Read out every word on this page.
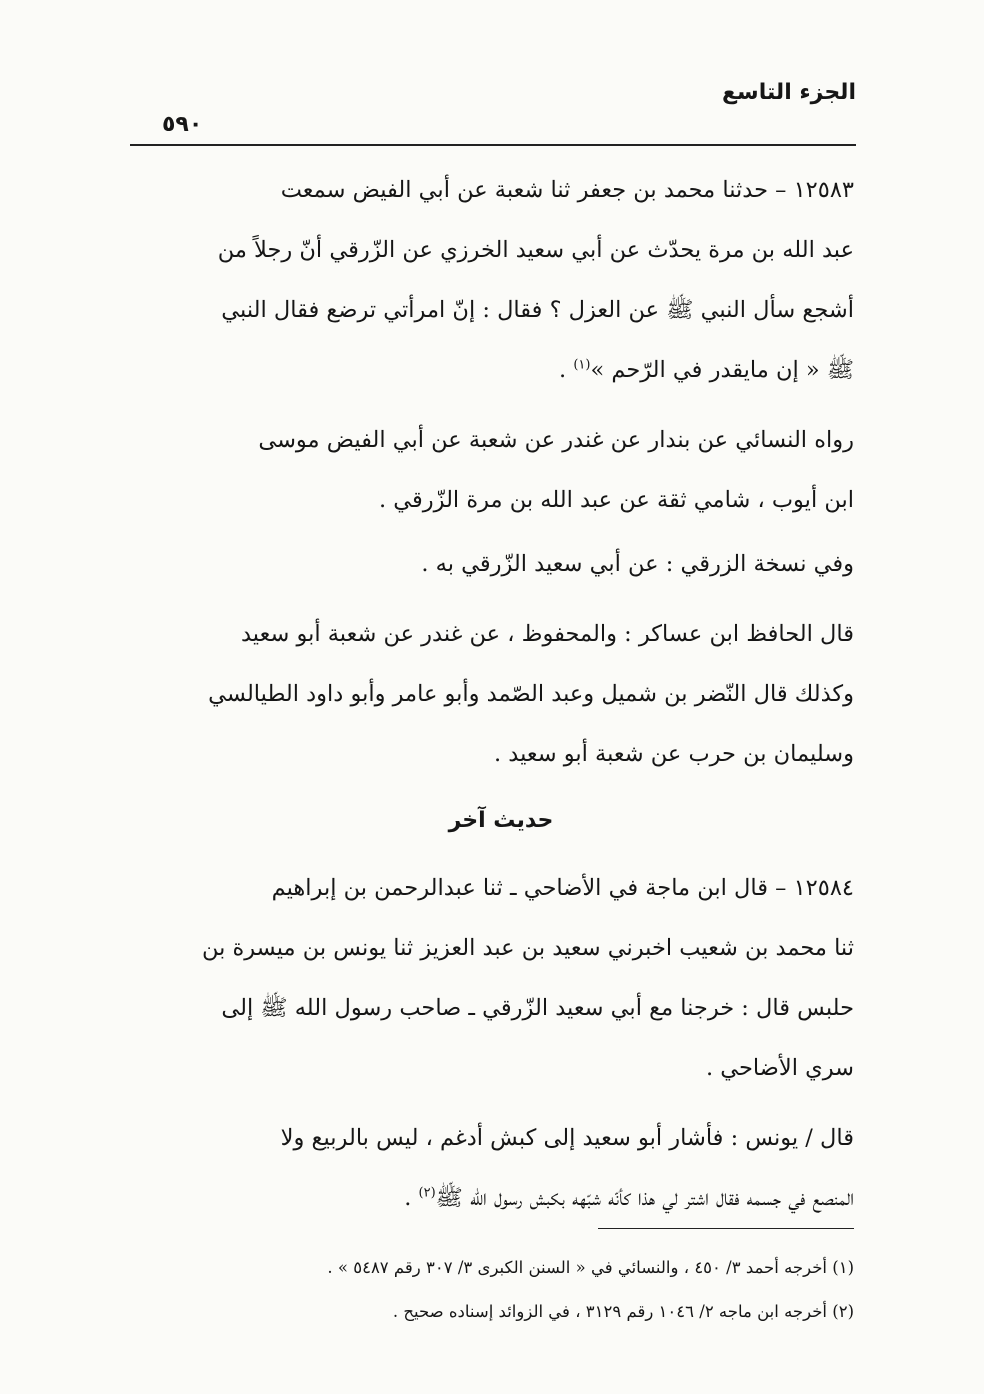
الجزء التاسع
٥٩٠

١٢٥٨٣ – حدثنا محمد بن جعفر ثنا شعبة عن أبي الفيض سمعت
عبد الله بن مرة يحدّث عن أبي سعيد الخرزي عن الزّرقي أنّ رجلاً من
أشجع سأل النبي ﷺ عن العزل ؟ فقال : إنّ امرأتي ترضع فقال النبي
ﷺ « إن مايقدر في الرّحم »$^{(١)}$ .

رواه النسائي عن بندار عن غندر عن شعبة عن أبي الفيض موسى
ابن أيوب ، شامي ثقة عن عبد الله بن مرة الزّرقي .

وفي نسخة الزرقي : عن أبي سعيد الزّرقي به .

قال الحافظ ابن عساكر : والمحفوظ ، عن غندر عن شعبة أبو سعيد
وكذلك قال النّضر بن شميل وعبد الصّمد وأبو عامر وأبو داود الطيالسي
وسليمان بن حرب عن شعبة أبو سعيد .

حديث آخر

١٢٥٨٤ – قال ابن ماجة في الأضاحي ـ ثنا عبدالرحمن بن إبراهيم
ثنا محمد بن شعيب اخبرني سعيد بن عبد العزيز ثنا يونس بن ميسرة بن
حلبس قال : خرجنا مع أبي سعيد الزّرقي ـ صاحب رسول الله ﷺ إلى
سري الأضاحي .

قال / يونس : فأشار أبو سعيد إلى كبش أدغم ، ليس بالربيع ولا
المنصع في جسمه فقال اشتر لي هذا كأنّه شبّهه بكبش رسول الله ﷺ$^{(٢)}$ .

(١) أخرجه أحمد ٣/ ٤٥٠ ، والنسائي في « السنن الكبرى ٣/ ٣٠٧ رقم ٥٤٨٧ » .

(٢) أخرجه ابن ماجه ٢/ ١٠٤٦ رقم ٣١٢٩ ، في الزوائد إسناده صحيح .
